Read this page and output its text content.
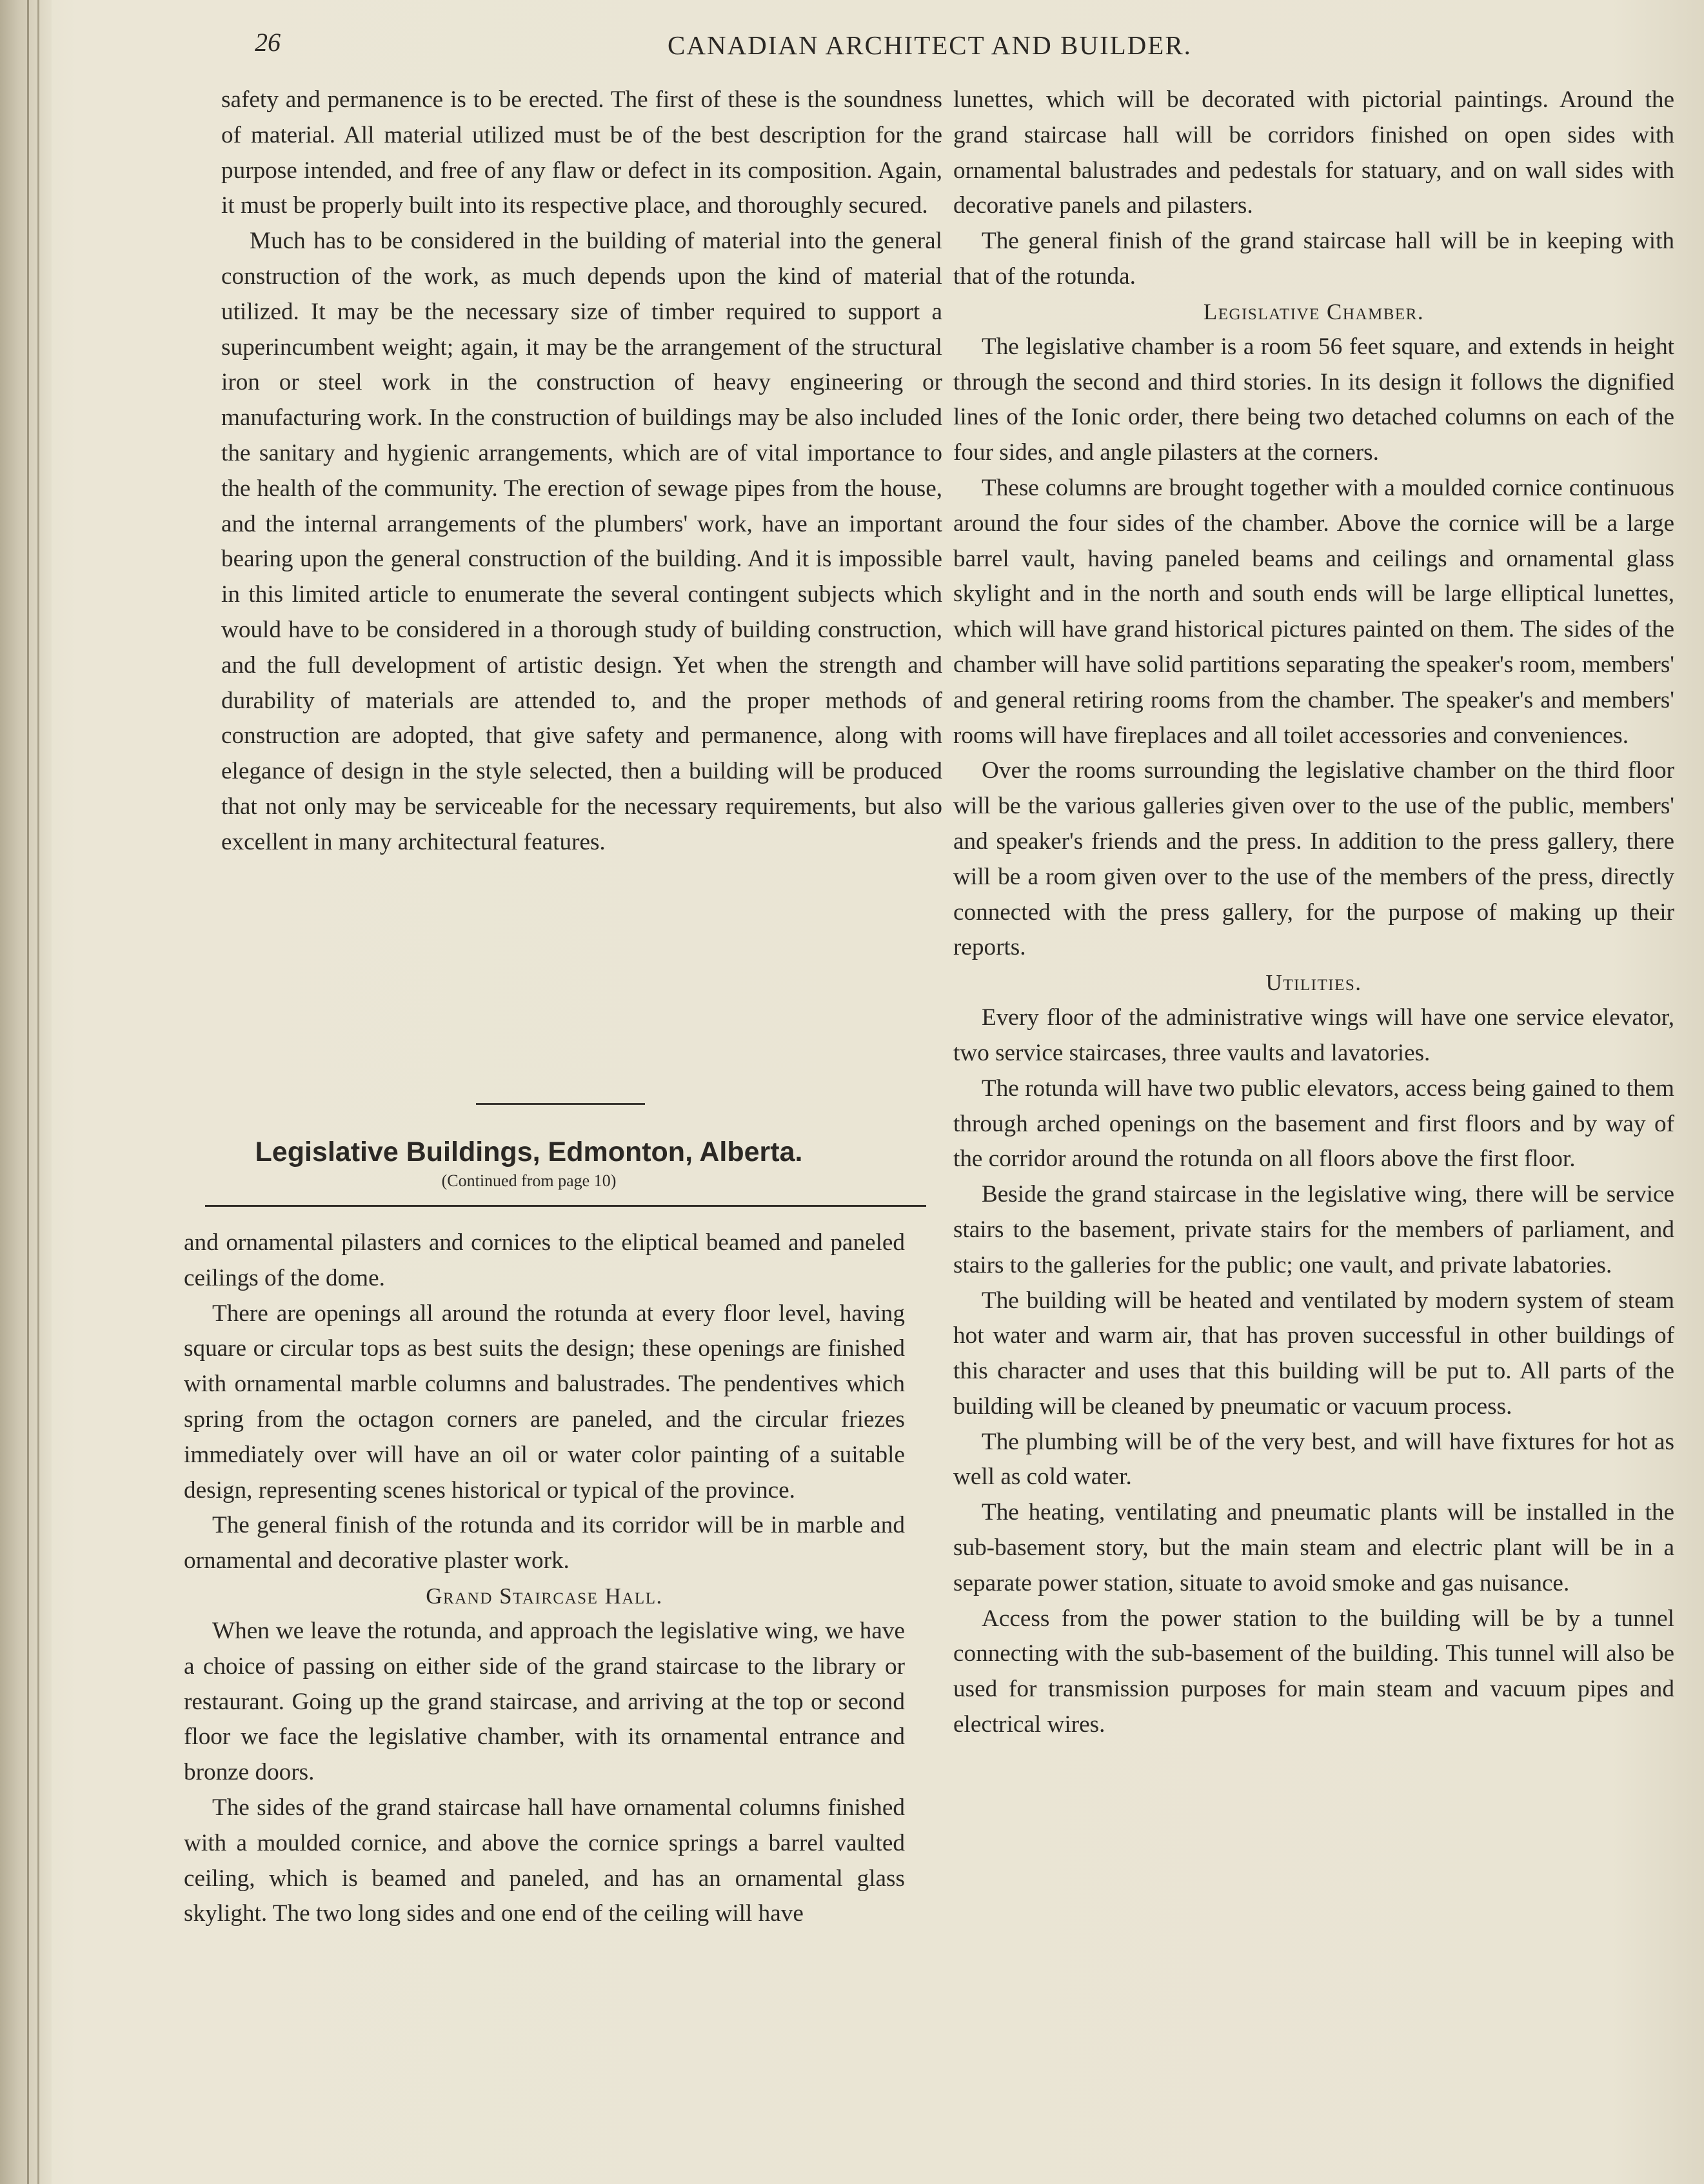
26	CANADIAN ARCHITECT AND BUILDER.

safety and permanence is to be erected. The first of these is the soundness of material. All material utilized must be of the best description for the purpose intended, and free of any flaw or defect in its composition. Again, it must be properly built into its respective place, and thoroughly secured.

Much has to be considered in the building of material into the general construction of the work, as much depends upon the kind of material utilized. It may be the necessary size of timber required to support a superincumbent weight; again, it may be the arrangement of the structural iron or steel work in the construction of heavy engineering or manufacturing work. In the construction of buildings may be also included the sanitary and hygienic arrangements, which are of vital importance to the health of the community. The erection of sewage pipes from the house, and the internal arrangements of the plumbers' work, have an important bearing upon the general construction of the building. And it is impossible in this limited article to enumerate the several contingent subjects which would have to be considered in a thorough study of building construction, and the full development of artistic design. Yet when the strength and durability of materials are attended to, and the proper methods of construction are adopted, that give safety and permanence, along with elegance of design in the style selected, then a building will be produced that not only may be serviceable for the necessary requirements, but also excellent in many architectural features.

Legislative Buildings, Edmonton, Alberta.
(Continued from page 10)

and ornamental pilasters and cornices to the eliptical beamed and paneled ceilings of the dome.

There are openings all around the rotunda at every floor level, having square or circular tops as best suits the design; these openings are finished with ornamental marble columns and balustrades. The pendentives which spring from the octagon corners are paneled, and the circular friezes immediately over will have an oil or water color painting of a suitable design, representing scenes historical or typical of the province.

The general finish of the rotunda and its corridor will be in marble and ornamental and decorative plaster work.

Grand Staircase Hall.

When we leave the rotunda, and approach the legislative wing, we have a choice of passing on either side of the grand staircase to the library or restaurant. Going up the grand staircase, and arriving at the top or second floor we face the legislative chamber, with its ornamental entrance and bronze doors.

The sides of the grand staircase hall have ornamental columns finished with a moulded cornice, and above the cornice springs a barrel vaulted ceiling, which is beamed and paneled, and has an ornamental glass skylight. The two long sides and one end of the ceiling will have

lunettes, which will be decorated with pictorial paintings. Around the grand staircase hall will be corridors finished on open sides with ornamental balustrades and pedestals for statuary, and on wall sides with decorative panels and pilasters.

The general finish of the grand staircase hall will be in keeping with that of the rotunda.

Legislative Chamber.

The legislative chamber is a room 56 feet square, and extends in height through the second and third stories. In its design it follows the dignified lines of the Ionic order, there being two detached columns on each of the four sides, and angle pilasters at the corners.

These columns are brought together with a moulded cornice continuous around the four sides of the chamber. Above the cornice will be a large barrel vault, having paneled beams and ceilings and ornamental glass skylight and in the north and south ends will be large elliptical lunettes, which will have grand historical pictures painted on them. The sides of the chamber will have solid partitions separating the speaker's room, members' and general retiring rooms from the chamber. The speaker's and members' rooms will have fireplaces and all toilet accessories and conveniences.

Over the rooms surrounding the legislative chamber on the third floor will be the various galleries given over to the use of the public, members' and speaker's friends and the press. In addition to the press gallery, there will be a room given over to the use of the members of the press, directly connected with the press gallery, for the purpose of making up their reports.

Utilities.

Every floor of the administrative wings will have one service elevator, two service staircases, three vaults and lavatories.

The rotunda will have two public elevators, access being gained to them through arched openings on the basement and first floors and by way of the corridor around the rotunda on all floors above the first floor.

Beside the grand staircase in the legislative wing, there will be service stairs to the basement, private stairs for the members of parliament, and stairs to the galleries for the public; one vault, and private labatories.

The building will be heated and ventilated by modern system of steam hot water and warm air, that has proven successful in other buildings of this character and uses that this building will be put to. All parts of the building will be cleaned by pneumatic or vacuum process.

The plumbing will be of the very best, and will have fixtures for hot as well as cold water.

The heating, ventilating and pneumatic plants will be installed in the sub-basement story, but the main steam and electric plant will be in a separate power station, situate to avoid smoke and gas nuisance.

Access from the power station to the building will be by a tunnel connecting with the sub-basement of the building. This tunnel will also be used for transmission purposes for main steam and vacuum pipes and electrical wires.
